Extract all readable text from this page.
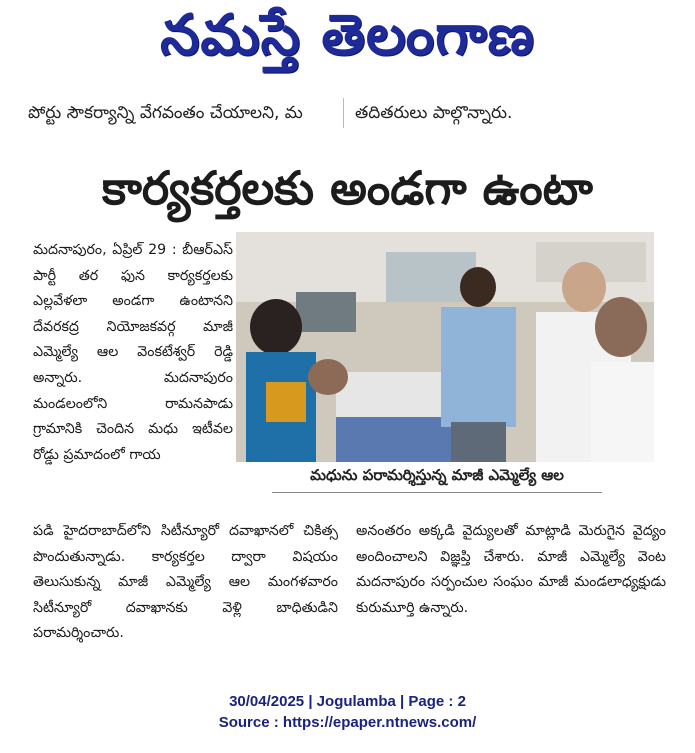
నమస్తే తెలంగాణ
పోర్టు సౌకర్యాన్ని వేగవంతం చేయాలని, మ	తదితరులు పాల్గొన్నారు.
కార్యకర్తలకు అండగా ఉంటా

మదనాపురం, ఏప్రిల్ 29 : బీఆర్ఎస్ పార్టీ తర ఫున కార్యకర్తలకు ఎల్లవేళలా అండగా ఉంటానని దేవరకద్ర నియోజకవర్గ మాజీ ఎమ్మెల్యే ఆల వెంకటేశ్వర్ రెడ్డి అన్నారు. మదనాపురం మండలంలోని రామనపాడు గ్రామానికి చెందిన మధు ఇటీవల రోడ్డు ప్రమాదంలో గాయ

మధును పరామర్శిస్తున్న మాజీ ఎమ్మెల్యే ఆల

పడి హైదరాబాద్‌లోని సిటీన్యూరో దవాఖానలో చికిత్స పొందుతున్నాడు. కార్యకర్తల ద్వారా విషయం తెలుసుకున్న మాజీ ఎమ్మెల్యే ఆల మంగళవారం సిటీన్యూరో దవాఖానకు వెళ్లి బాధితుడిని పరామర్శించారు.

అనంతరం అక్కడి వైద్యులతో మాట్లాడి మెరుగైన వైద్యం అందించాలని విజ్ఞప్తి చేశారు. మాజీ ఎమ్మెల్యే వెంట మదనాపురం సర్పంచుల సంఘం మాజీ మండలాధ్యక్షుడు కురుమూర్తి ఉన్నారు.

30/04/2025 | Jogulamba | Page : 2
Source : https://epaper.ntnews.com/
